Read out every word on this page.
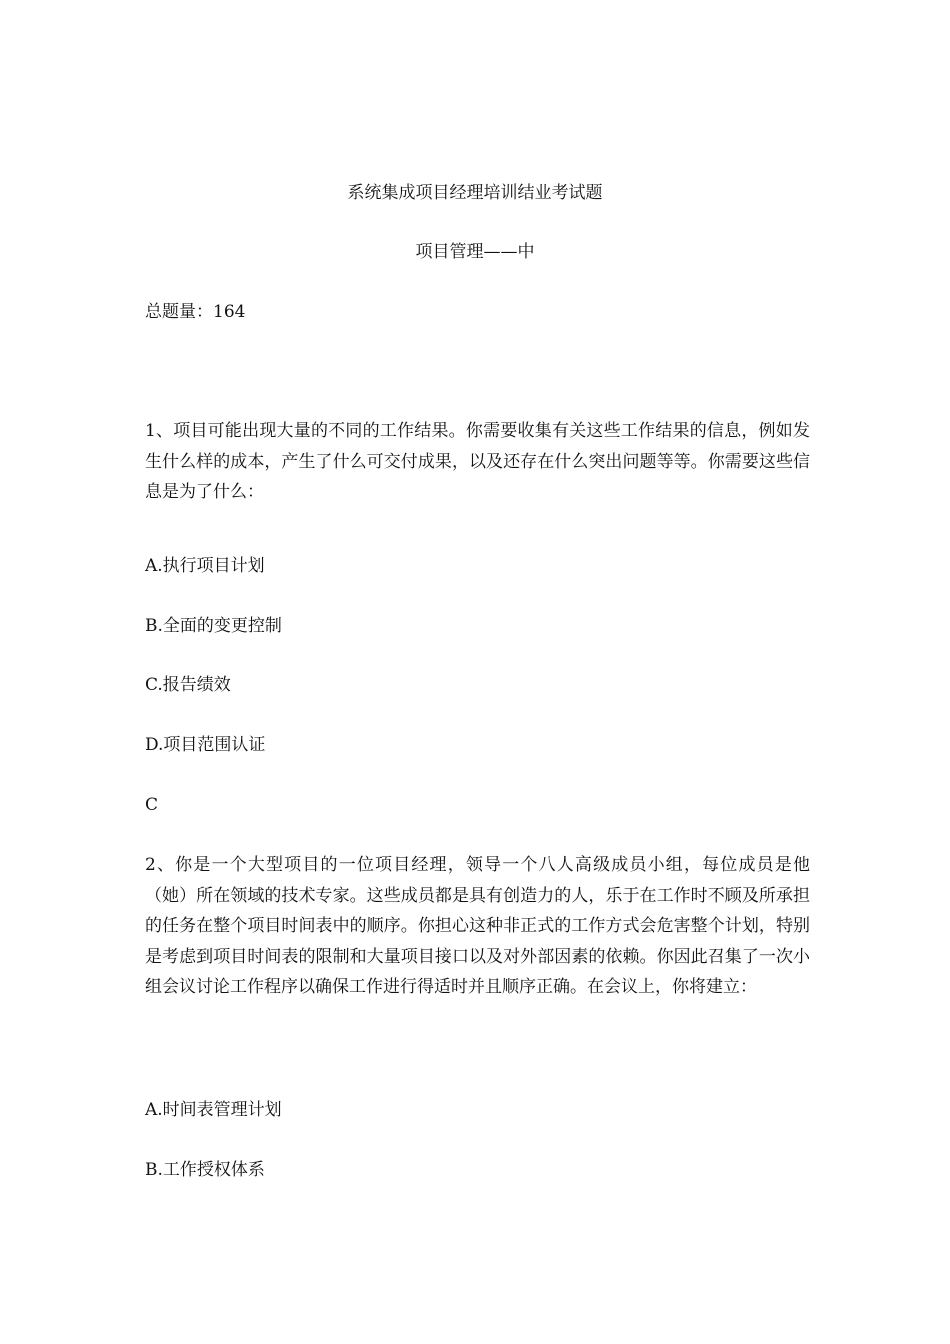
系统集成项目经理培训结业考试题
项目管理——中
总题量：164
1、项目可能出现大量的不同的工作结果。你需要收集有关这些工作结果的信息，例如发生什么样的成本，产生了什么可交付成果，以及还存在什么突出问题等等。你需要这些信息是为了什么：
A.执行项目计划
B.全面的变更控制
C.报告绩效
D.项目范围认证
C
2、你是一个大型项目的一位项目经理，领导一个八人高级成员小组，每位成员是他（她）所在领域的技术专家。这些成员都是具有创造力的人，乐于在工作时不顾及所承担的任务在整个项目时间表中的顺序。你担心这种非正式的工作方式会危害整个计划，特别是考虑到项目时间表的限制和大量项目接口以及对外部因素的依赖。你因此召集了一次小组会议讨论工作程序以确保工作进行得适时并且顺序正确。在会议上，你将建立：
A.时间表管理计划
B.工作授权体系
